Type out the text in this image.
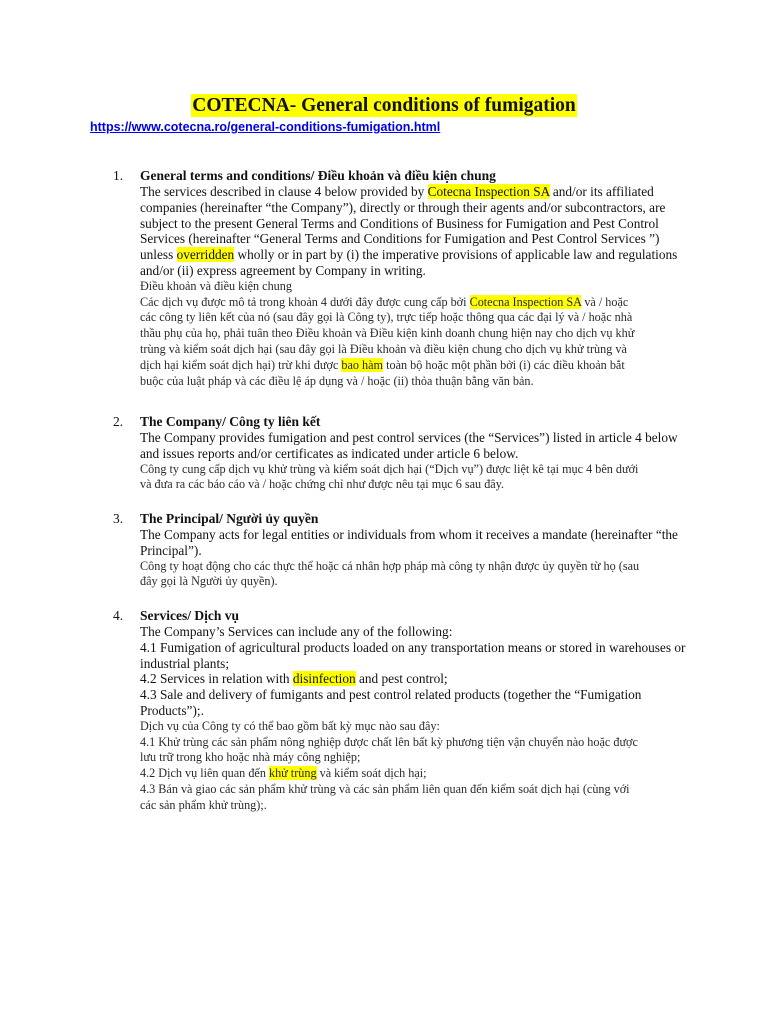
COTECNA- General conditions of fumigation
https://www.cotecna.ro/general-conditions-fumigation.html
1. General terms and conditions/ Điều khoản và điều kiện chung
The services described in clause 4 below provided by Cotecna Inspection SA and/or its affiliated
companies (hereinafter “the Company”), directly or through their agents and/or subcontractors, are
subject to the present General Terms and Conditions of Business for Fumigation and Pest Control
Services (hereinafter “General Terms and Conditions for Fumigation and Pest Control Services ”)
unless overridden wholly or in part by (i) the imperative provisions of applicable law and regulations
and/or (ii) express agreement by Company in writing.
Điều khoản và điều kiện chung
Các dịch vụ được mô tả trong khoản 4 dưới đây được cung cấp bởi Cotecna Inspection SA và / hoặc
các công ty liên kết của nó (sau đây gọi là Công ty), trực tiếp hoặc thông qua các đại lý và / hoặc nhà
thầu phụ của họ, phải tuân theo Điều khoản và Điều kiện kinh doanh chung hiện nay cho dịch vụ khử
trùng và kiểm soát dịch hại (sau đây gọi là Điều khoản và điều kiện chung cho dịch vụ khử trùng và
dịch hại kiểm soát dịch hại) trừ khi được bao hàm toàn bộ hoặc một phần bởi (i) các điều khoản bắt
buộc của luật pháp và các điều lệ áp dụng và / hoặc (ii) thỏa thuận bằng văn bản.
2. The Company/ Công ty liên kết
The Company provides fumigation and pest control services (the “Services”) listed in article 4 below
and issues reports and/or certificates as indicated under article 6 below.
Công ty cung cấp dịch vụ khử trùng và kiểm soát dịch hại (“Dịch vụ”) được liệt kê tại mục 4 bên dưới
và đưa ra các báo cáo và / hoặc chứng chỉ như được nêu tại mục 6 sau đây.
3. The Principal/ Người ủy quyền
The Company acts for legal entities or individuals from whom it receives a mandate (hereinafter “the
Principal”).
Công ty hoạt động cho các thực thể hoặc cá nhân hợp pháp mà công ty nhận được ủy quyền từ họ (sau
đây gọi là Người ủy quyền).
4. Services/ Dịch vụ
The Company’s Services can include any of the following:
4.1 Fumigation of agricultural products loaded on any transportation means or stored in warehouses or
industrial plants;
4.2 Services in relation with disinfection and pest control;
4.3 Sale and delivery of fumigants and pest control related products (together the “Fumigation
Products”);.
Dịch vụ của Công ty có thể bao gồm bất kỳ mục nào sau đây:
4.1 Khử trùng các sản phẩm nông nghiệp được chất lên bất kỳ phương tiện vận chuyển nào hoặc được
lưu trữ trong kho hoặc nhà máy công nghiệp;
4.2 Dịch vụ liên quan đến khử trùng và kiểm soát dịch hại;
4.3 Bán và giao các sản phẩm khử trùng và các sản phẩm liên quan đến kiểm soát dịch hại (cùng với
các sản phẩm khử trùng);.
